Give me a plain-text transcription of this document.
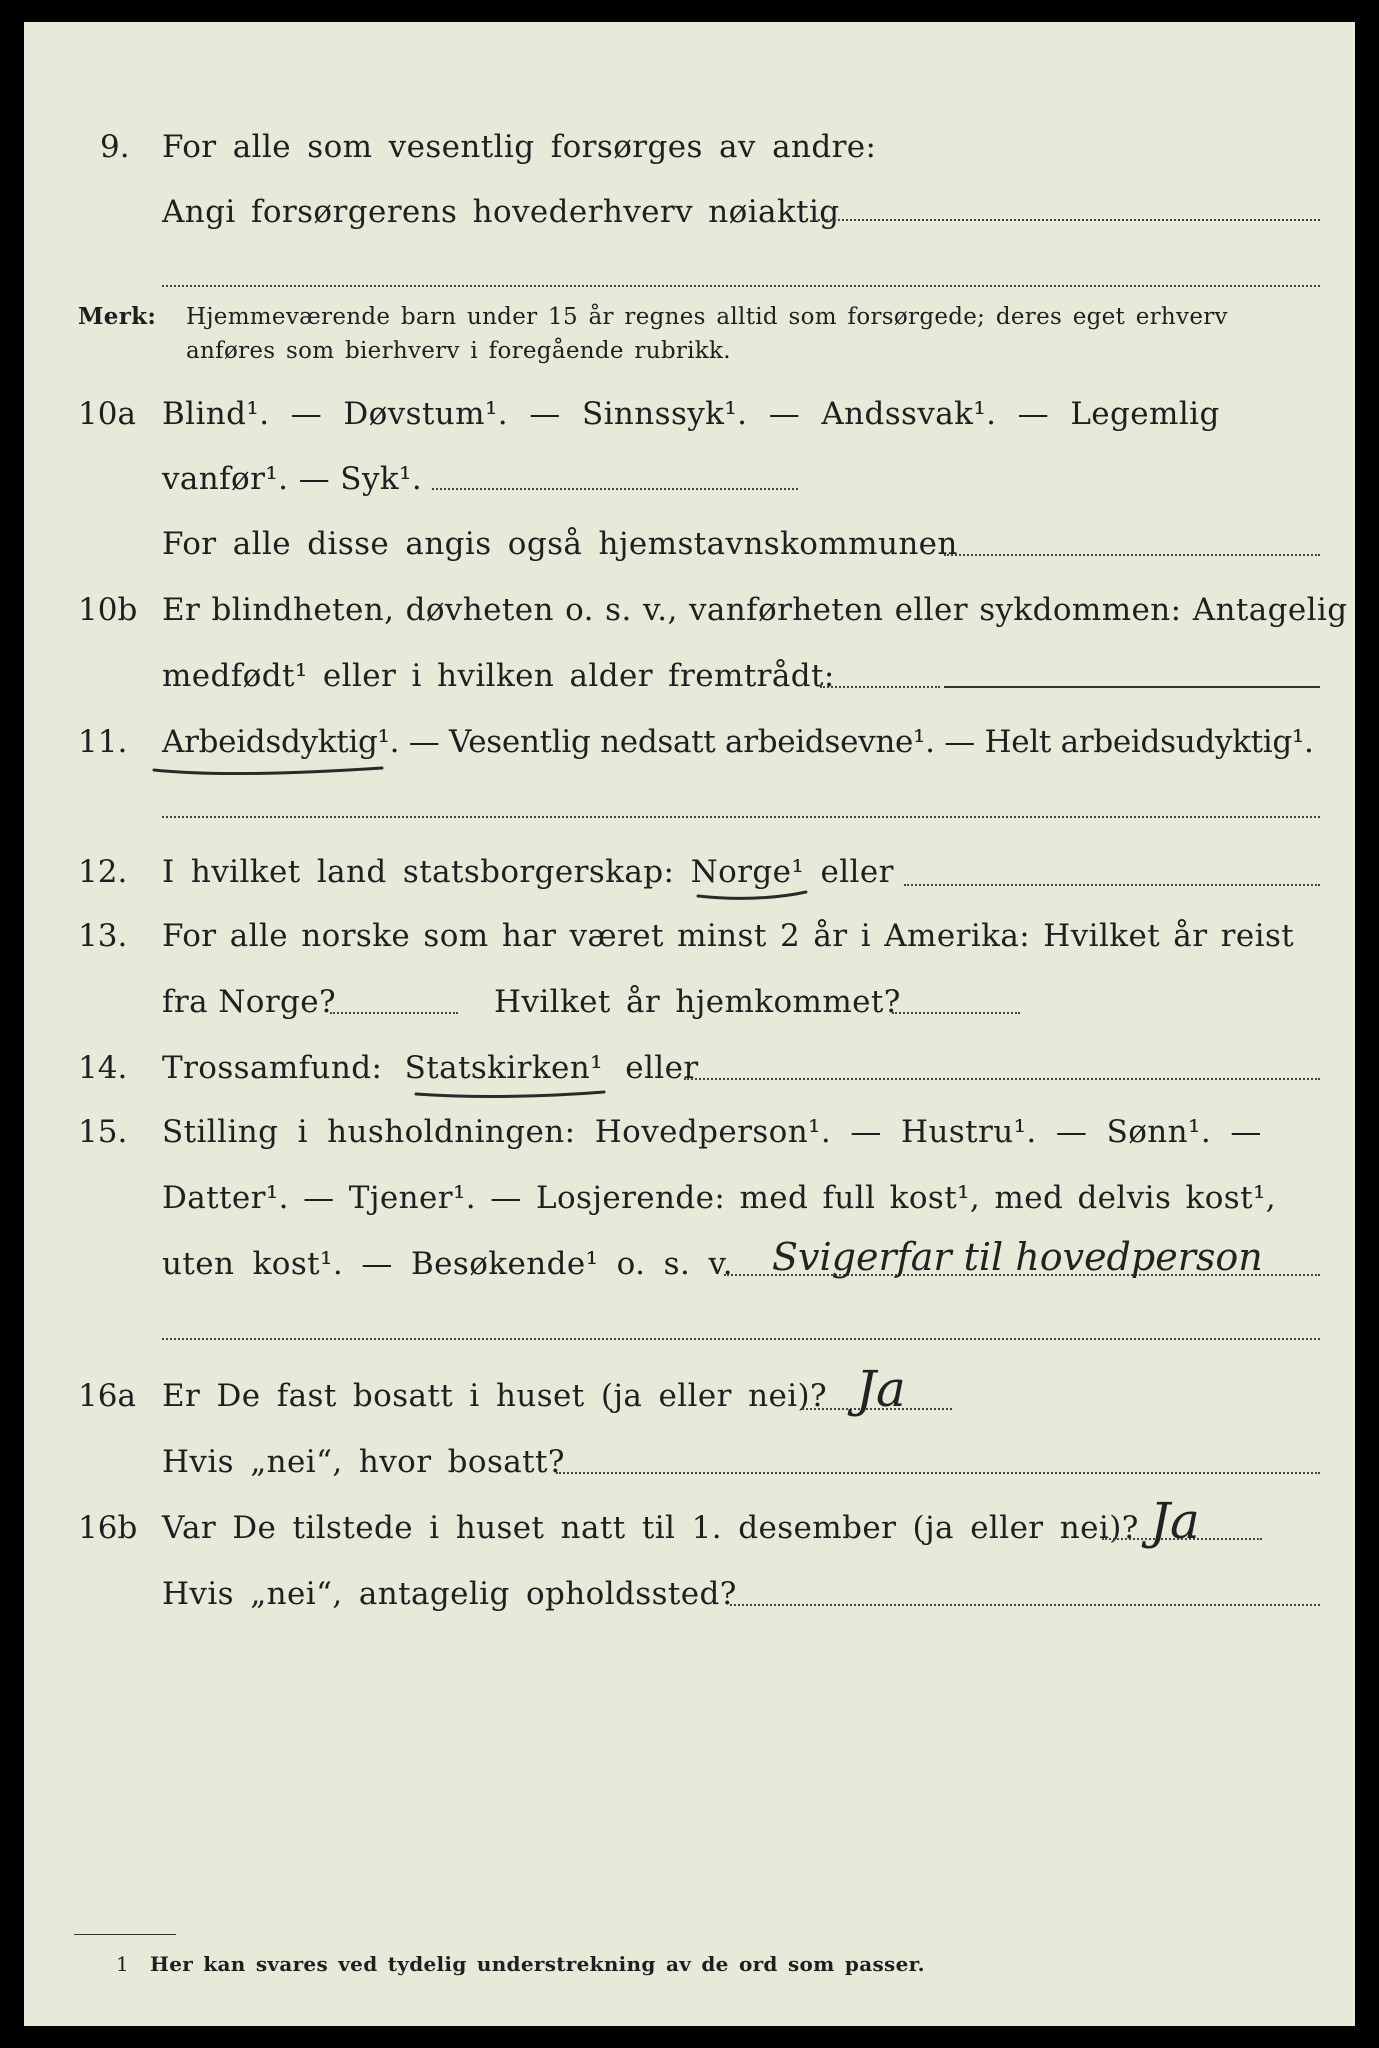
9. For alle som vesentlig forsørges av andre:
Angi forsørgerens hovederhverv nøiaktig
Merk: Hjemmeværende barn under 15 år regnes alltid som forsørgede; deres eget erhverv
anføres som bierhverv i foregående rubrikk.
10a Blind¹. — Døvstum¹. — Sinnssyk¹. — Andssvak¹. — Legemlig
vanfør¹. — Syk¹.
For alle disse angis også hjemstavnskommunen
10b Er blindheten, døvheten o. s. v., vanførheten eller sykdommen: Antagelig
medfødt¹ eller i hvilken alder fremtrådt:
11. Arbeidsdyktig¹. — Vesentlig nedsatt arbeidsevne¹. — Helt arbeidsudyktig¹.
12. I hvilket land statsborgerskap: Norge¹ eller
13. For alle norske som har været minst 2 år i Amerika: Hvilket år reist
fra Norge?	Hvilket år hjemkommet?
14. Trossamfund: Statskirken¹ eller
15. Stilling i husholdningen: Hovedperson¹. — Hustru¹. — Sønn¹. —
Datter¹. — Tjener¹. — Losjerende: med full kost¹, med delvis kost¹,
uten kost¹. — Besøkende¹ o. s. v. Svigerfar til hovedperson
16a Er De fast bosatt i huset (ja eller nei)? Ja
Hvis „nei“, hvor bosatt?
16b Var De tilstede i huset natt til 1. desember (ja eller nei)? Ja
Hvis „nei“, antagelig opholdssted?
1 Her kan svares ved tydelig understrekning av de ord som passer.
